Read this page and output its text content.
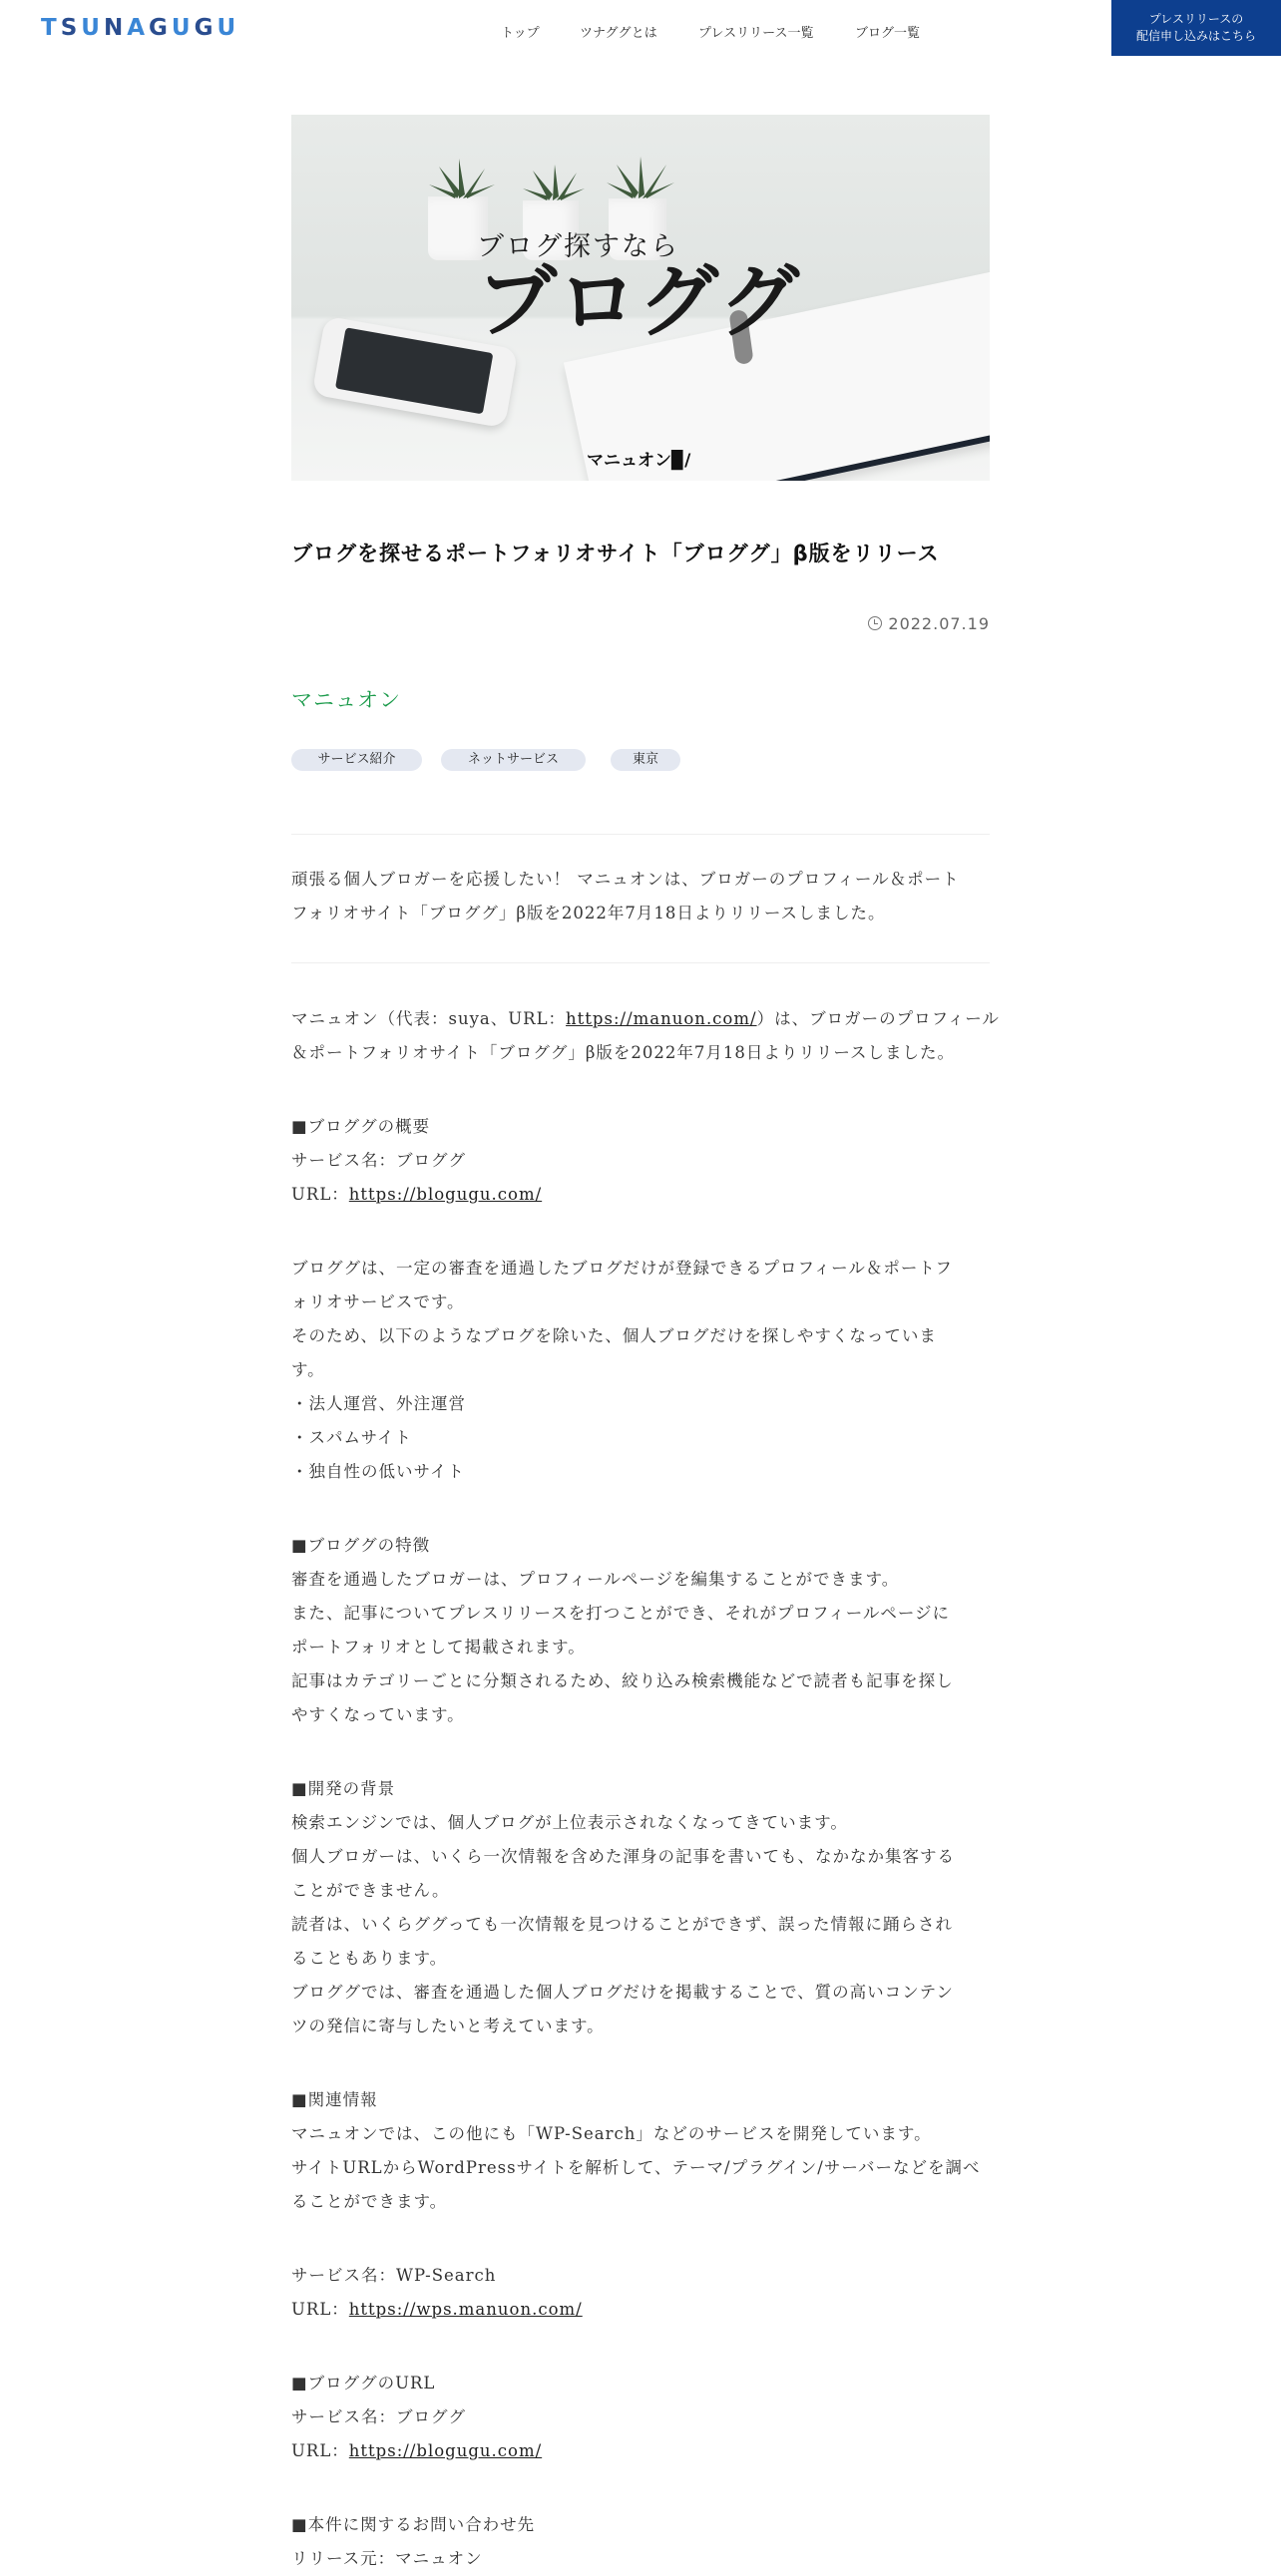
TSUNAGUGU	トップ	ツナググとは	プレスリリース一覧	ブログ一覧
プレスリリースの
配信申し込みはこちら
ブログ探すなら
ブロググ
マニュオン▉/
ブログを探せるポートフォリオサイト「ブロググ」β版をリリース
2022.07.19
マニュオン
サービス紹介	ネットサービス	東京
頑張る個人ブロガーを応援したい！ マニュオンは、ブロガーのプロフィール＆ポート
フォリオサイト「ブロググ」β版を2022年7月18日よりリリースしました。
マニュオン（代表：suya、URL：https://manuon.com/）は、ブロガーのプロフィール
＆ポートフォリオサイト「ブロググ」β版を2022年7月18日よりリリースしました。
■ブロググの概要
サービス名：ブロググ
URL：https://blogugu.com/
ブロググは、一定の審査を通過したブログだけが登録できるプロフィール＆ポートフ
ォリオサービスです。
そのため、以下のようなブログを除いた、個人ブログだけを探しやすくなっていま
す。
・法人運営、外注運営
・スパムサイト
・独自性の低いサイト
■ブロググの特徴
審査を通過したブロガーは、プロフィールページを編集することができます。
また、記事についてプレスリリースを打つことができ、それがプロフィールページに
ポートフォリオとして掲載されます。
記事はカテゴリーごとに分類されるため、絞り込み検索機能などで読者も記事を探し
やすくなっています。
■開発の背景
検索エンジンでは、個人ブログが上位表示されなくなってきています。
個人ブロガーは、いくら一次情報を含めた渾身の記事を書いても、なかなか集客する
ことができません。
読者は、いくらググっても一次情報を見つけることができず、誤った情報に踊らされ
ることもあります。
ブロググでは、審査を通過した個人ブログだけを掲載することで、質の高いコンテン
ツの発信に寄与したいと考えています。
■関連情報
マニュオンでは、この他にも「WP-Search」などのサービスを開発しています。
サイトURLからWordPressサイトを解析して、テーマ/プラグイン/サーバーなどを調べ
ることができます。
サービス名：WP-Search
URL：https://wps.manuon.com/
■ブロググのURL
サービス名：ブロググ
URL：https://blogugu.com/
■本件に関するお問い合わせ先
リリース元：マニュオン
